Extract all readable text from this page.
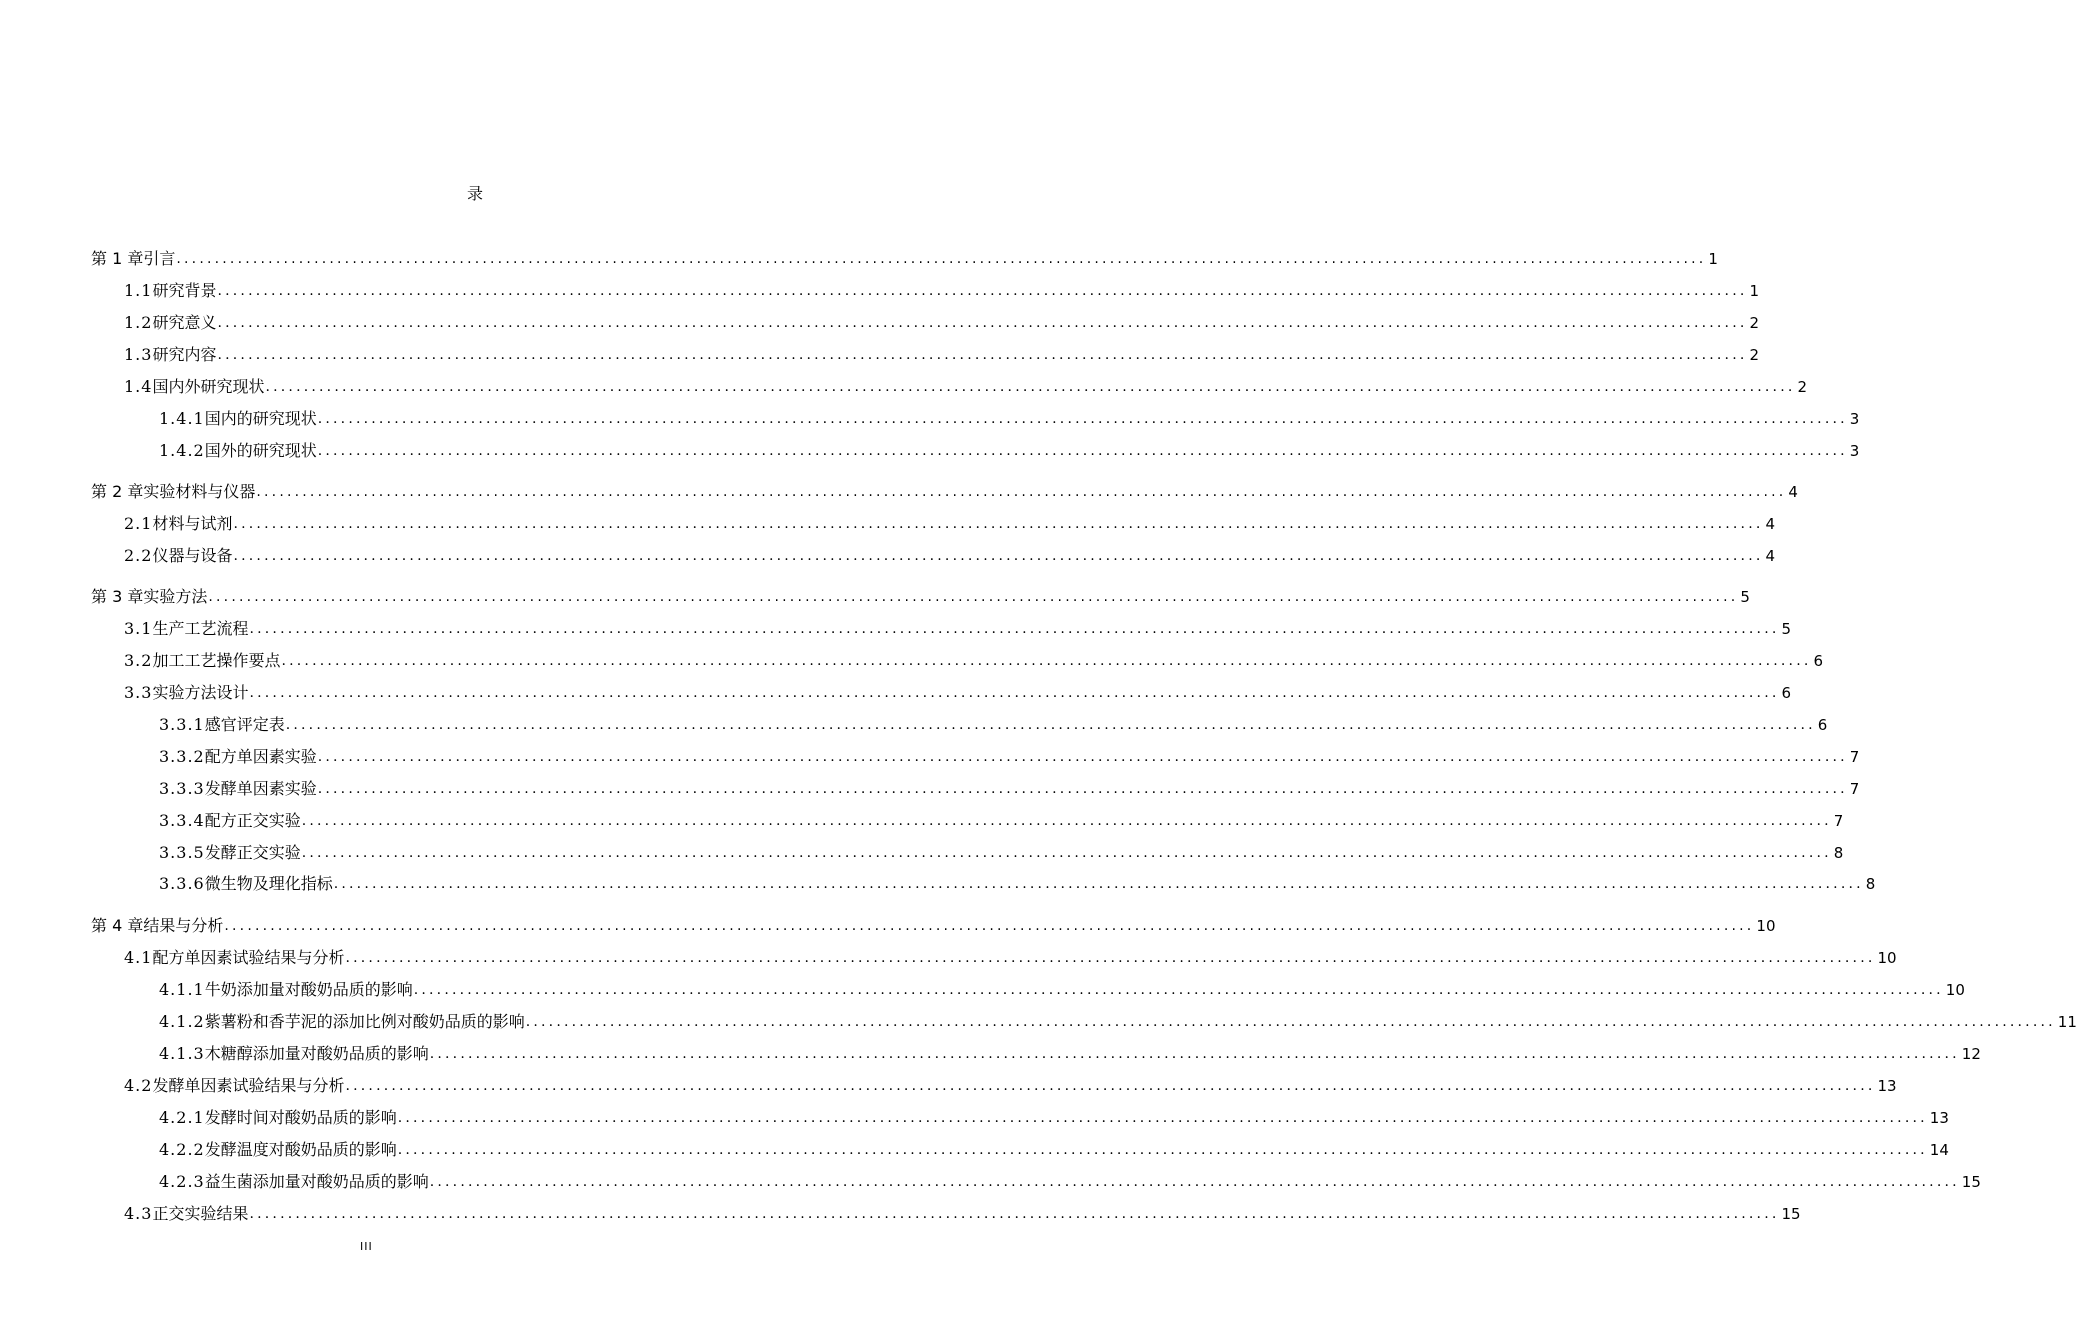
录
第 1 章 引言 ........................................................................................................................................................................................................ 1
1.1 研究背景 ........................................................................................................................................................................................................ 1
1.2 研究意义 ........................................................................................................................................................................................................ 2
1.3 研究内容 ........................................................................................................................................................................................................ 2
1.4 国内外研究现状 ........................................................................................................................................................................................................ 2
1.4.1 国内的研究现状 ........................................................................................................................................................................................................ 3
1.4.2 国外的研究现状 ........................................................................................................................................................................................................ 3
第 2 章 实验材料与仪器 ........................................................................................................................................................................................................ 4
2.1 材料与试剂 ........................................................................................................................................................................................................ 4
2.2 仪器与设备 ........................................................................................................................................................................................................ 4
第 3 章 实验方法 ........................................................................................................................................................................................................ 5
3.1 生产工艺流程 ........................................................................................................................................................................................................ 5
3.2 加工工艺操作要点 ........................................................................................................................................................................................................ 6
3.3 实验方法设计 ........................................................................................................................................................................................................ 6
3.3.1 感官评定表 ........................................................................................................................................................................................................ 6
3.3.2 配方单因素实验 ........................................................................................................................................................................................................ 7
3.3.3 发酵单因素实验 ........................................................................................................................................................................................................ 7
3.3.4 配方正交实验 ........................................................................................................................................................................................................ 7
3.3.5 发酵正交实验 ........................................................................................................................................................................................................ 8
3.3.6 微生物及理化指标 ........................................................................................................................................................................................................ 8
第 4 章 结果与分析 ........................................................................................................................................................................................................ 10
4.1 配方单因素试验结果与分析 ........................................................................................................................................................................................................ 10
4.1.1 牛奶添加量对酸奶品质的影响 ........................................................................................................................................................................................................ 10
4.1.2 紫薯粉和香芋泥的添加比例对酸奶品质的影响 ........................................................................................................................................................................................................ 11
4.1.3 木糖醇添加量对酸奶品质的影响 ........................................................................................................................................................................................................ 12
4.2 发酵单因素试验结果与分析 ........................................................................................................................................................................................................ 13
4.2.1 发酵时间对酸奶品质的影响 ........................................................................................................................................................................................................ 13
4.2.2 发酵温度对酸奶品质的影响 ........................................................................................................................................................................................................ 14
4.2.3 益生菌添加量对酸奶品质的影响 ........................................................................................................................................................................................................ 15
4.3 正交实验结果 ........................................................................................................................................................................................................ 15
III
